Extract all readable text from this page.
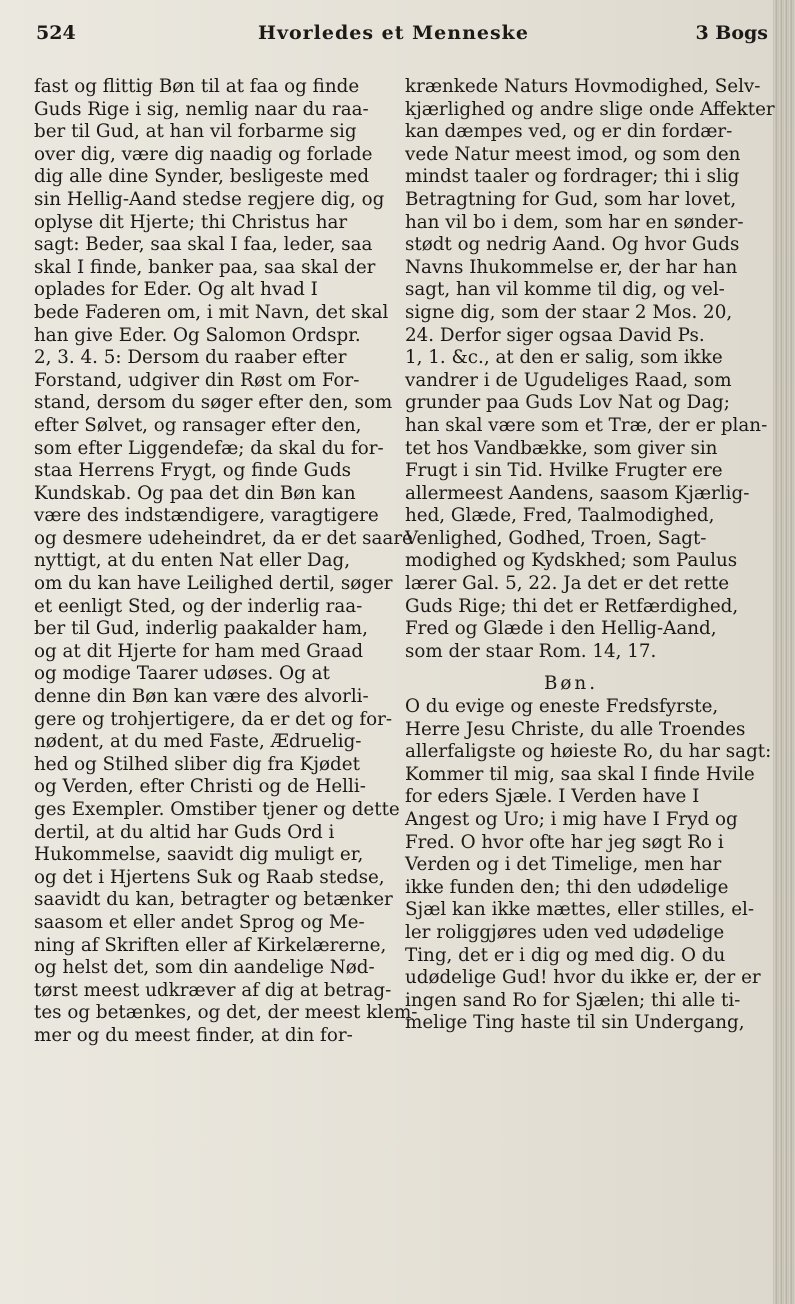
524	Hvorledes et Menneske	3 Bogs
fast og flittig Bøn til at faa og finde
Guds Rige i sig, nemlig naar du raa-
ber til Gud, at han vil forbarme sig
over dig, være dig naadig og forlade
dig alle dine Synder, besligeste med
sin Hellig-Aand stedse regjere dig, og
oplyse dit Hjerte; thi Christus har
sagt: Beder, saa skal I faa, leder, saa
skal I finde, banker paa, saa skal der
oplades for Eder. Og alt hvad I
bede Faderen om, i mit Navn, det skal
han give Eder. Og Salomon Ordspr.
2, 3. 4. 5: Dersom du raaber efter
Forstand, udgiver din Røst om For-
stand, dersom du søger efter den, som
efter Sølvet, og ransager efter den,
som efter Liggendefæ; da skal du for-
staa Herrens Frygt, og finde Guds
Kundskab. Og paa det din Bøn kan
være des indstændigere, varagtigere
og desmere udeheindret, da er det saare
nyttigt, at du enten Nat eller Dag,
om du kan have Leilighed dertil, søger
et eenligt Sted, og der inderlig raa-
ber til Gud, inderlig paakalder ham,
og at dit Hjerte for ham med Graad
og modige Taarer udøses. Og at
denne din Bøn kan være des alvorli-
gere og trohjertigere, da er det og for-
nødent, at du med Faste, Ædruelig-
hed og Stilhed sliber dig fra Kjødet
og Verden, efter Christi og de Helli-
ges Exempler. Omstiber tjener og dette
dertil, at du altid har Guds Ord i
Hukommelse, saavidt dig muligt er,
og det i Hjertens Suk og Raab stedse,
saavidt du kan, betragter og betænker
saasom et eller andet Sprog og Me-
ning af Skriften eller af Kirkelærerne,
og helst det, som din aandelige Nød-
tørst meest udkræver af dig at betrag-
tes og betænkes, og det, der meest klem-
mer og du meest finder, at din for-
krænkede Naturs Hovmodighed, Selv-
kjærlighed og andre slige onde Affekter
kan dæmpes ved, og er din fordær-
vede Natur meest imod, og som den
mindst taaler og fordrager; thi i slig
Betragtning for Gud, som har lovet,
han vil bo i dem, som har en sønder-
stødt og nedrig Aand. Og hvor Guds
Navns Ihukommelse er, der har han
sagt, han vil komme til dig, og vel-
signe dig, som der staar 2 Mos. 20,
24. Derfor siger ogsaa David Ps.
1, 1. &c., at den er salig, som ikke
vandrer i de Ugudeliges Raad, som
grunder paa Guds Lov Nat og Dag;
han skal være som et Træ, der er plan-
tet hos Vandbække, som giver sin
Frugt i sin Tid. Hvilke Frugter ere
allermeest Aandens, saasom Kjærlig-
hed, Glæde, Fred, Taalmodighed,
Venlighed, Godhed, Troen, Sagt-
modighed og Kydskhed; som Paulus
lærer Gal. 5, 22. Ja det er det rette
Guds Rige; thi det er Retfærdighed,
Fred og Glæde i den Hellig-Aand,
som der staar Rom. 14, 17.
Bøn.
O du evige og eneste Fredsfyrste,
Herre Jesu Christe, du alle Troendes
allerfaligste og høieste Ro, du har sagt:
Kommer til mig, saa skal I finde Hvile
for eders Sjæle. I Verden have I
Angest og Uro; i mig have I Fryd og
Fred. O hvor ofte har jeg søgt Ro i
Verden og i det Timelige, men har
ikke funden den; thi den udødelige
Sjæl kan ikke mættes, eller stilles, el-
ler roliggjøres uden ved udødelige
Ting, det er i dig og med dig. O du
udødelige Gud! hvor du ikke er, der er
ingen sand Ro for Sjælen; thi alle ti-
melige Ting haste til sin Undergang,
